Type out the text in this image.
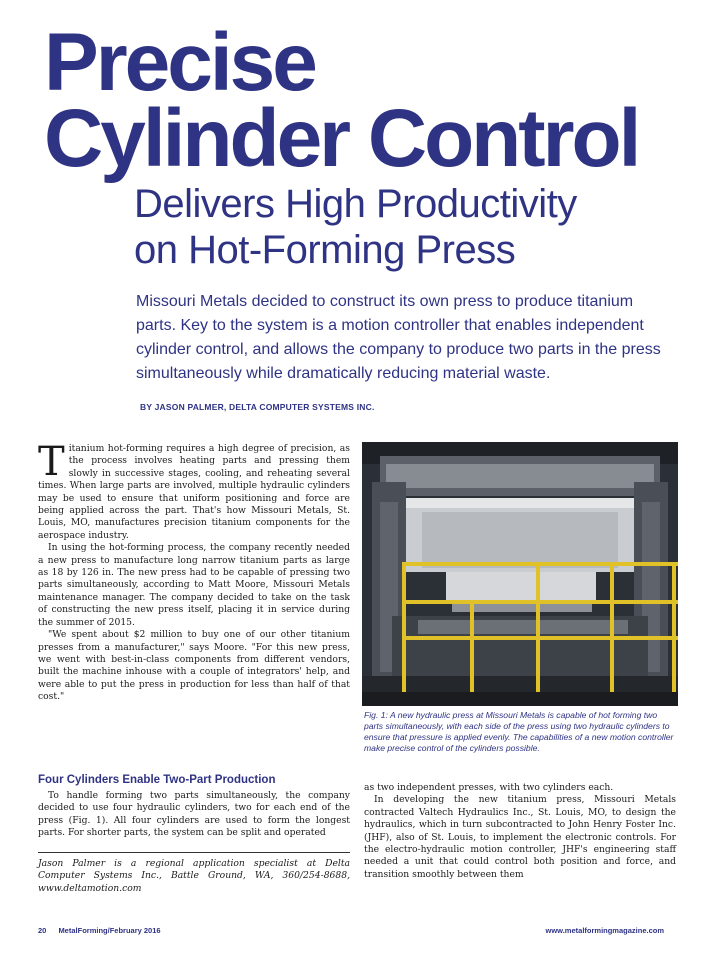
Precise
Cylinder Control
Delivers High Productivity
on Hot-Forming Press
Missouri Metals decided to construct its own press to produce titanium parts. Key to the system is a motion controller that enables independent cylinder control, and allows the company to produce two parts in the press simultaneously while dramatically reducing material waste.
BY JASON PALMER, DELTA COMPUTER SYSTEMS INC.

Titanium hot-forming requires a high degree of precision, as the process involves heating parts and pressing them slowly in successive stages, cooling, and reheating several times. When large parts are involved, multiple hydraulic cylinders may be used to ensure that uniform positioning and force are being applied across the part. That's how Missouri Metals, St. Louis, MO, manufactures precision titanium components for the aerospace industry.

In using the hot-forming process, the company recently needed a new press to manufacture long narrow titanium parts as large as 18 by 126 in. The new press had to be capable of pressing two parts simultaneously, according to Matt Moore, Missouri Metals maintenance manager. The company decided to take on the task of constructing the new press itself, placing it in service during the summer of 2015.

"We spent about $2 million to buy one of our other titanium presses from a manufacturer," says Moore. "For this new press, we went with best-in-class components from different vendors, built the machine inhouse with a couple of integrators' help, and were able to put the press in production for less than half of that cost."

Four Cylinders Enable Two-Part Production

To handle forming two parts simultaneously, the company decided to use four hydraulic cylinders, two for each end of the press (Fig. 1). All four cylinders are used to form the longest parts. For shorter parts, the system can be split and operated

Jason Palmer is a regional application specialist at Delta Computer Systems Inc., Battle Ground, WA, 360/254-8688, www.deltamotion.com
Fig. 1: A new hydraulic press at Missouri Metals is capable of hot forming two parts simultaneously, with each side of the press using two hydraulic cylinders to ensure that pressure is applied evenly. The capabilities of a new motion controller make precise control of the cylinders possible.

as two independent presses, with two cylinders each.

In developing the new titanium press, Missouri Metals contracted Valtech Hydraulics Inc., St. Louis, MO, to design the hydraulics, which in turn subcontracted to John Henry Foster Inc. (JHF), also of St. Louis, to implement the electronic controls. For the electro-hydraulic motion controller, JHF's engineering staff needed a unit that could control both position and force, and transition smoothly between them

20 MetalForming/February 2016	www.metalformingmagazine.com
